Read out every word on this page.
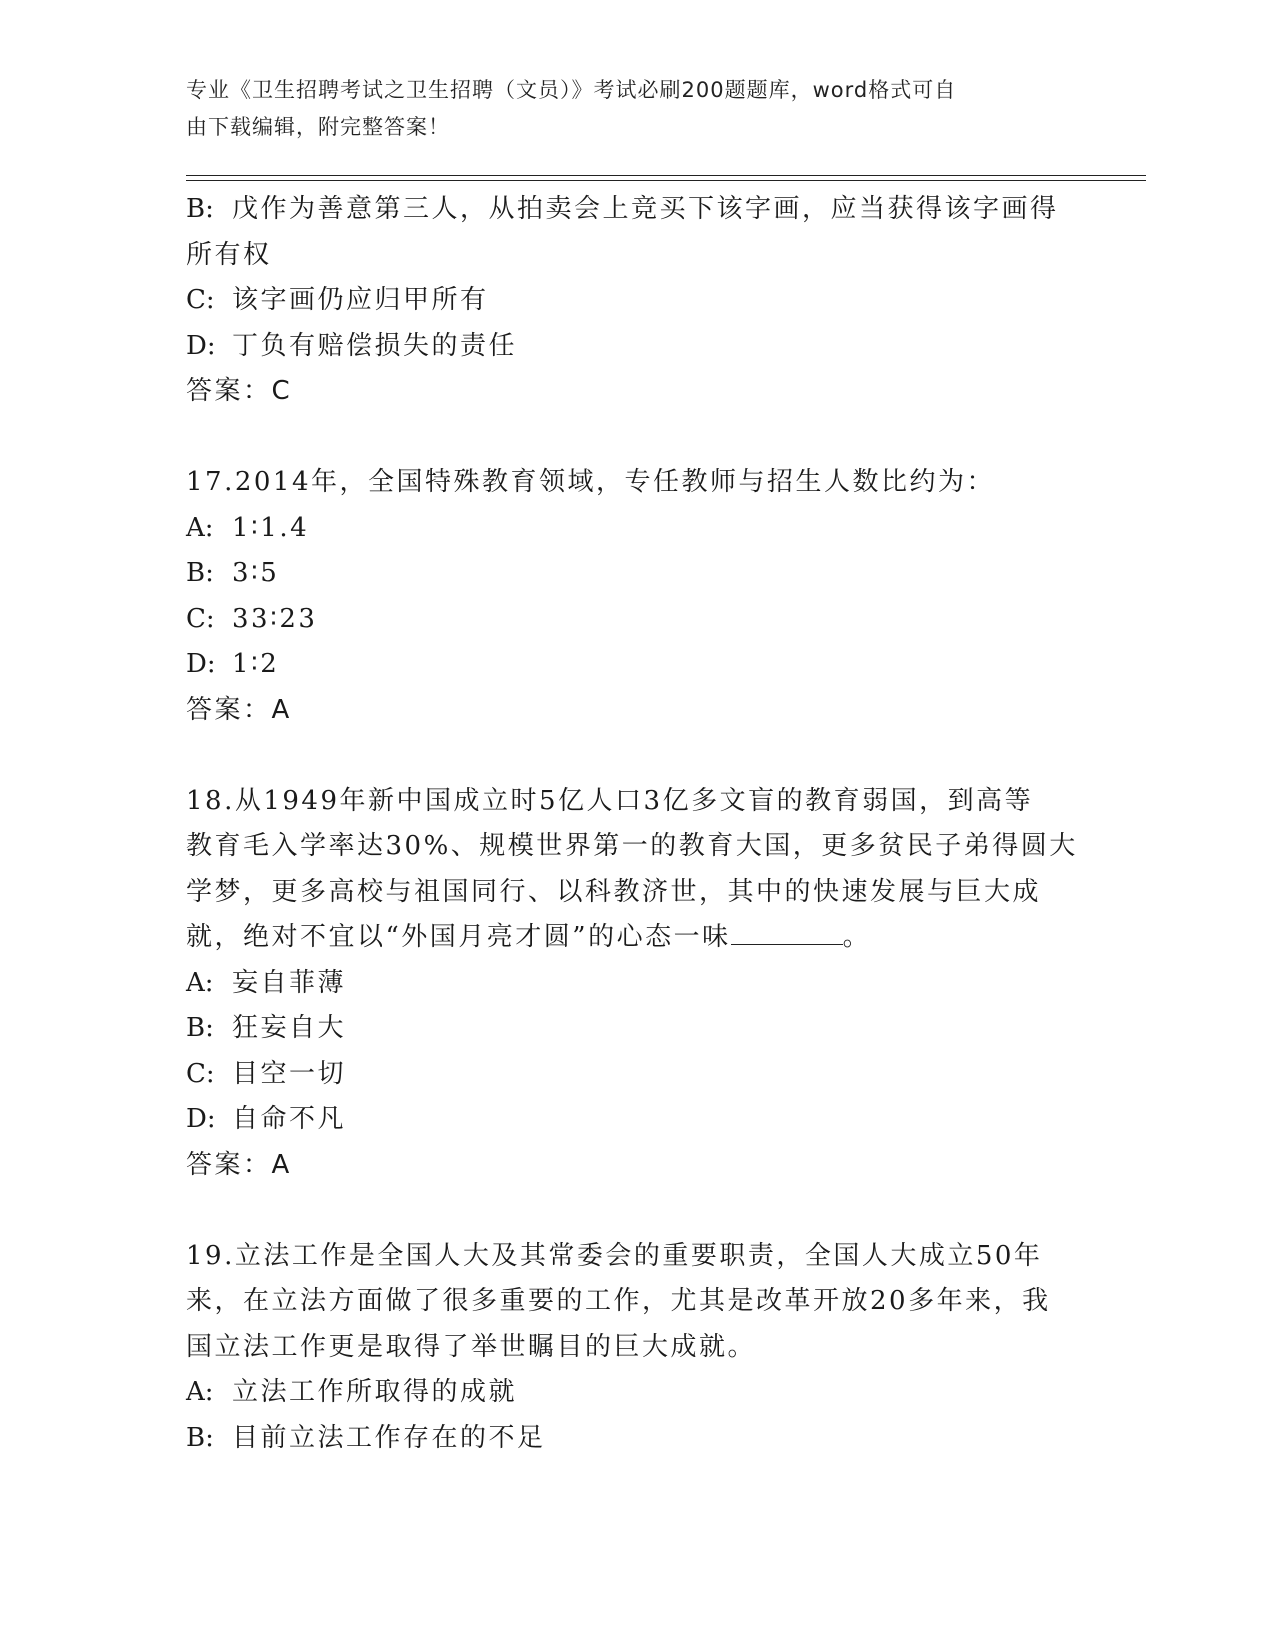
专业《卫生招聘考试之卫生招聘（文员）》考试必刷200题题库，word格式可自
由下载编辑，附完整答案！
B: 戊作为善意第三人，从拍卖会上竞买下该字画，应当获得该字画得
所有权
C: 该字画仍应归甲所有
D: 丁负有赔偿损失的责任
答案：C
17.2014年，全国特殊教育领域，专任教师与招生人数比约为：
A: 1∶1.4
B: 3∶5
C: 33∶23
D: 1∶2
答案：A
18.从1949年新中国成立时5亿人口3亿多文盲的教育弱国，到高等
教育毛入学率达30%、规模世界第一的教育大国，更多贫民子弟得圆大
学梦，更多高校与祖国同行、以科教济世，其中的快速发展与巨大成
就，绝对不宜以“外国月亮才圆”的心态一味	。
A: 妄自菲薄
B: 狂妄自大
C: 目空一切
D: 自命不凡
答案：A
19.立法工作是全国人大及其常委会的重要职责，全国人大成立50年
来，在立法方面做了很多重要的工作，尤其是改革开放20多年来，我
国立法工作更是取得了举世瞩目的巨大成就。
A: 立法工作所取得的成就
B: 目前立法工作存在的不足
